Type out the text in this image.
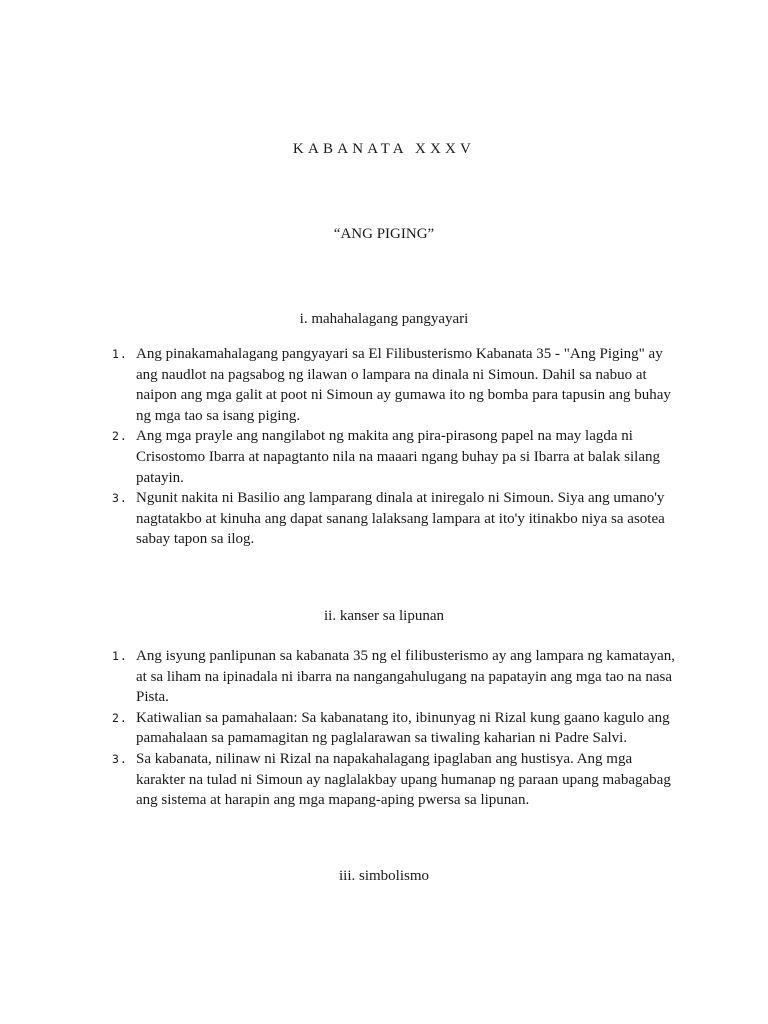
KABANATA XXXV
“ANG PIGING”
i. mahahalagang pangyayari
1. Ang pinakamahalagang pangyayari sa El Filibusterismo Kabanata 35 - "Ang Piging" ay ang naudlot na pagsabog ng ilawan o lampara na dinala ni Simoun. Dahil sa nabuo at naipon ang mga galit at poot ni Simoun ay gumawa ito ng bomba para tapusin ang buhay ng mga tao sa isang piging.
2. Ang mga prayle ang nangilabot ng makita ang pira-pirasong papel na may lagda ni Crisostomo Ibarra at napagtanto nila na maaari ngang buhay pa si Ibarra at balak silang patayin.
3. Ngunit nakita ni Basilio ang lamparang dinala at iniregalo ni Simoun. Siya ang umano'y nagtatakbo at kinuha ang dapat sanang lalaksang lampara at ito'y itinakbo niya sa asotea sabay tapon sa ilog.
ii. kanser sa lipunan
1. Ang isyung panlipunan sa kabanata 35 ng el filibusterismo ay ang lampara ng kamatayan, at sa liham na ipinadala ni ibarra na nangangahulugang na papatayin ang mga tao na nasa Pista.
2. Katiwalian sa pamahalaan: Sa kabanatang ito, ibinunyag ni Rizal kung gaano kagulo ang pamahalaan sa pamamagitan ng paglalarawan sa tiwaling kaharian ni Padre Salvi.
3. Sa kabanata, nilinaw ni Rizal na napakahalagang ipaglaban ang hustisya. Ang mga karakter na tulad ni Simoun ay naglalakbay upang humanap ng paraan upang mabagabag ang sistema at harapin ang mga mapang-aping pwersa sa lipunan.
iii. simbolismo
